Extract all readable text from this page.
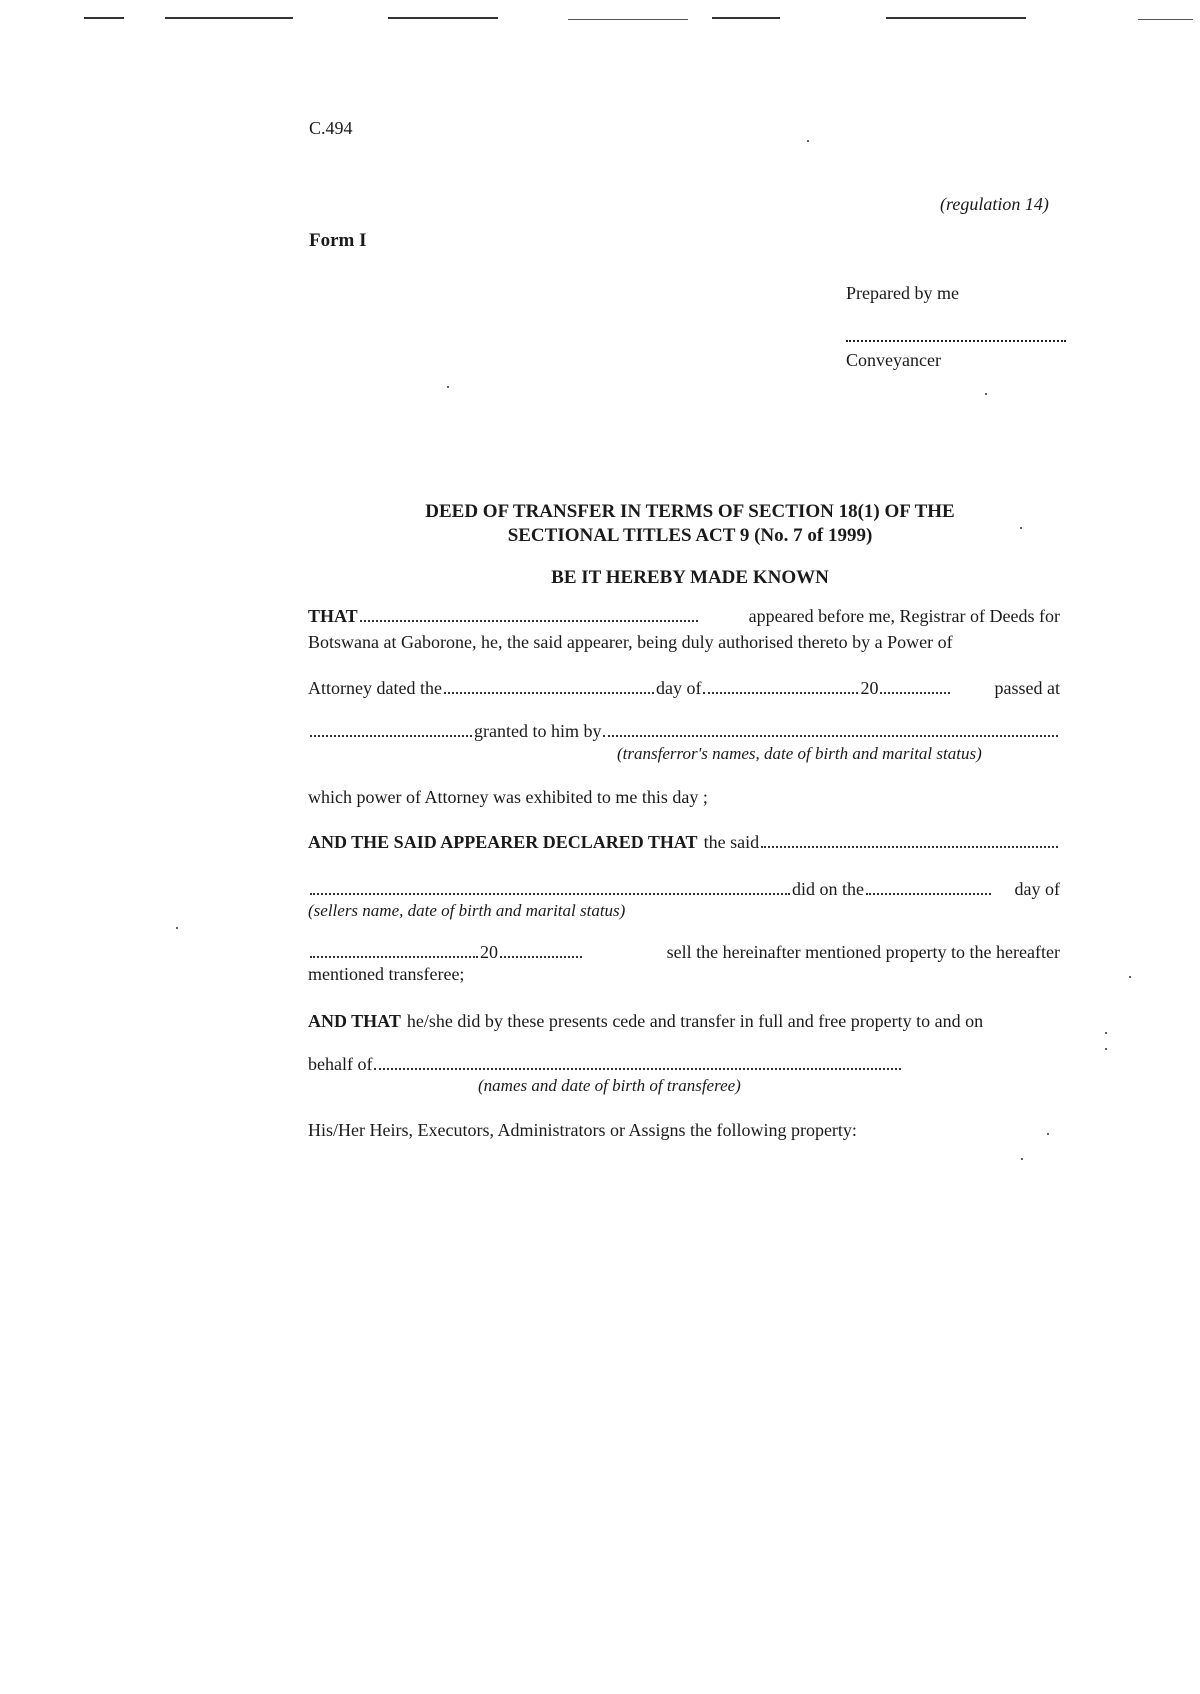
C.494
(regulation 14)
Form I
Prepared by me
Conveyancer
DEED OF TRANSFER IN TERMS OF SECTION 18(1) OF THE
SECTIONAL TITLES ACT 9 (No. 7 of 1999)
BE IT HEREBY MADE KNOWN
THAT	appeared before me, Registrar of Deeds for
Botswana at Gaborone, he, the said appearer, being duly authorised thereto by a Power of
Attorney dated the	day of	20	passed at
granted to him by
(transferror's names, date of birth and marital status)
which power of Attorney was exhibited to me this day ;
AND THE SAID APPEARER DECLARED THAT the said
did on the	day of
(sellers name, date of birth and marital status)
20	sell the hereinafter mentioned property to the hereafter
mentioned transferee;
AND THAT he/she did by these presents cede and transfer in full and free property to and on
behalf of
(names and date of birth of transferee)
His/Her Heirs, Executors, Administrators or Assigns the following property:
